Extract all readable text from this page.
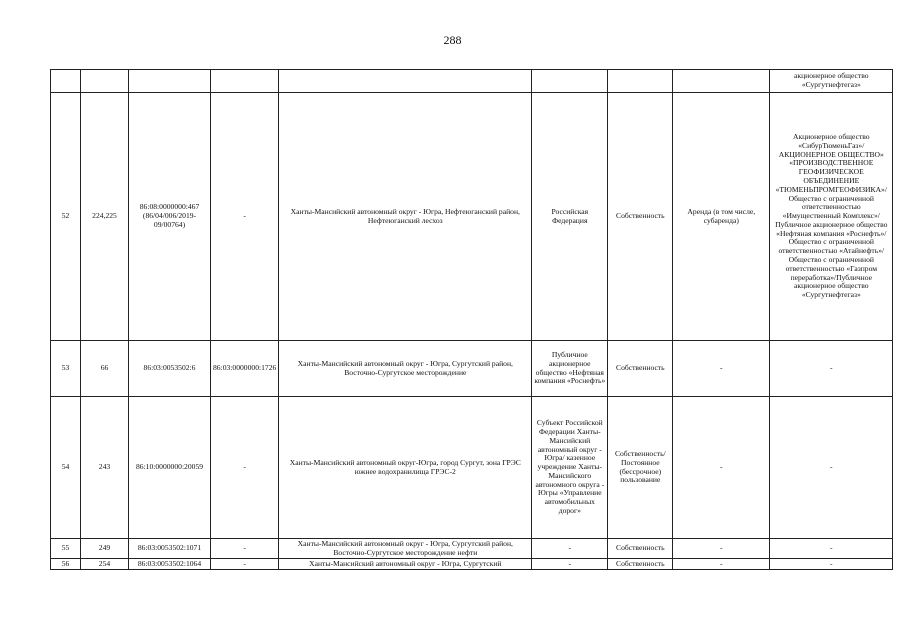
288
								акционерное общество «Сургутнефтегаз»
52	224,225	86:08:0000000:467 (86/04/006/2019-09/00764)	-	Ханты-Мансийский автономный округ - Югра, Нефтеюганский район, Нефтеюганский лесхоз	Российская Федерация	Собственность	Аренда (в том числе, субаренда)	Акционерное общество «СибурТюменьГаз»/АКЦИОНЕРНОЕ ОБЩЕСТВО» «ПРОИЗВОДСТВЕННОЕ ГЕОФИЗИЧЕСКОЕ ОБЪЕДИНЕНИЕ «ТЮМЕНЬПРОМГЕОФИЗИКА»/Общество с ограниченной ответственностью «Имущественный Комплекс»/Публичное акционерное общество «Нефтяная компания «Роснефть»/Общество с ограниченной ответственностью «Атайнефть»/Общество с ограниченной ответственностью «Газпром переработка»/Публичное акционерное общество «Сургутнефтегаз»
53	66	86:03:0053502:6	86:03:0000000:1726	Ханты-Мансийский автономный округ - Югра, Сургутский район, Восточно-Сургутское месторождение	Публичное акционерное общество «Нефтяная компания «Роснефть»	Собственность	-	-
54	243	86:10:0000000:20059	-	Ханты-Мансийский автономный округ-Югра, город Сургут, зона ГРЭС южнее водохранилища ГРЭС-2	Субъект Российской Федерации Ханты-Мансийский автономный округ - Югра/ казенное учреждение Ханты-Мансийского автономного округа - Югры «Управление автомобильных дорог»	Собственность/ Постоянное (бессрочное) пользование	-	-
55	249	86:03:0053502:1071	-	Ханты-Мансийский автономный округ - Югра, Сургутский район, Восточно-Сургутское месторождение нефти	-	Собственность	-	-
56	254	86:03:0053502:1064	-	Ханты-Мансийский автономный округ - Югра, Сургутский	-	Собственность	-	-
